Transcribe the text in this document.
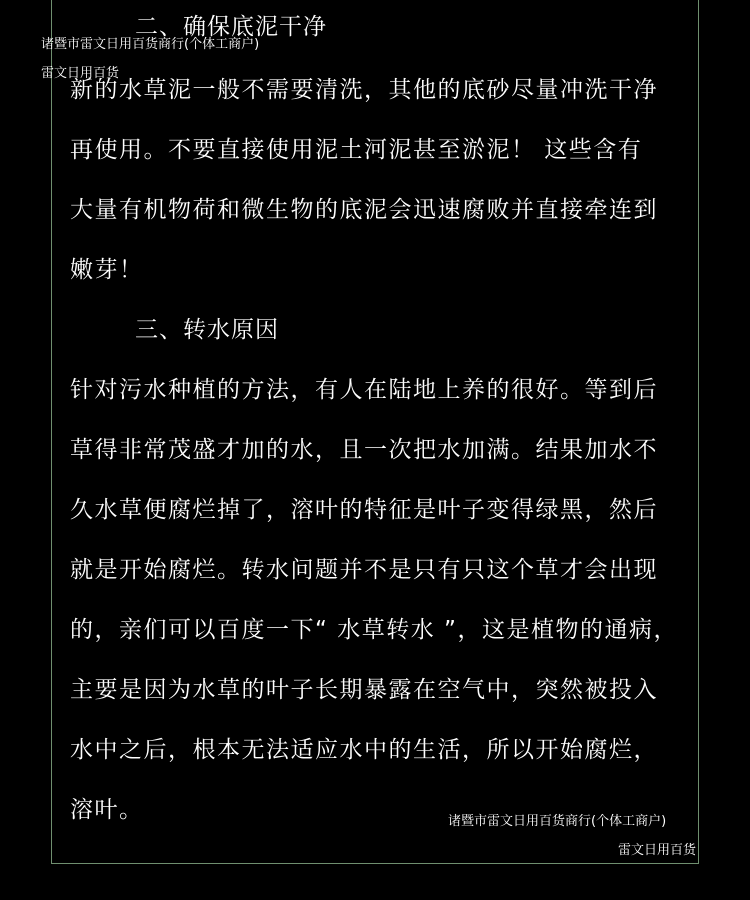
二、确保底泥干净
诸暨市雷文日用百货商行(个体工商户)
雷文日用百货
新的水草泥一般不需要清洗，其他的底砂尽量冲洗干净
再使用。不要直接使用泥土河泥甚至淤泥！ 这些含有
大量有机物荷和微生物的底泥会迅速腐败并直接牵连到
嫩芽！
三、转水原因
针对污水种植的方法，有人在陆地上养的很好。等到后
草得非常茂盛才加的水，且一次把水加满。结果加水不
久水草便腐烂掉了，溶叶的特征是叶子变得绿黑，然后
就是开始腐烂。转水问题并不是只有只这个草才会出现
的，亲们可以百度一下“ 水草转水 ”，这是植物的通病，
主要是因为水草的叶子长期暴露在空气中，突然被投入
水中之后，根本无法适应水中的生活，所以开始腐烂，
溶叶。	诸暨市雷文日用百货商行(个体工商户)
雷文日用百货
